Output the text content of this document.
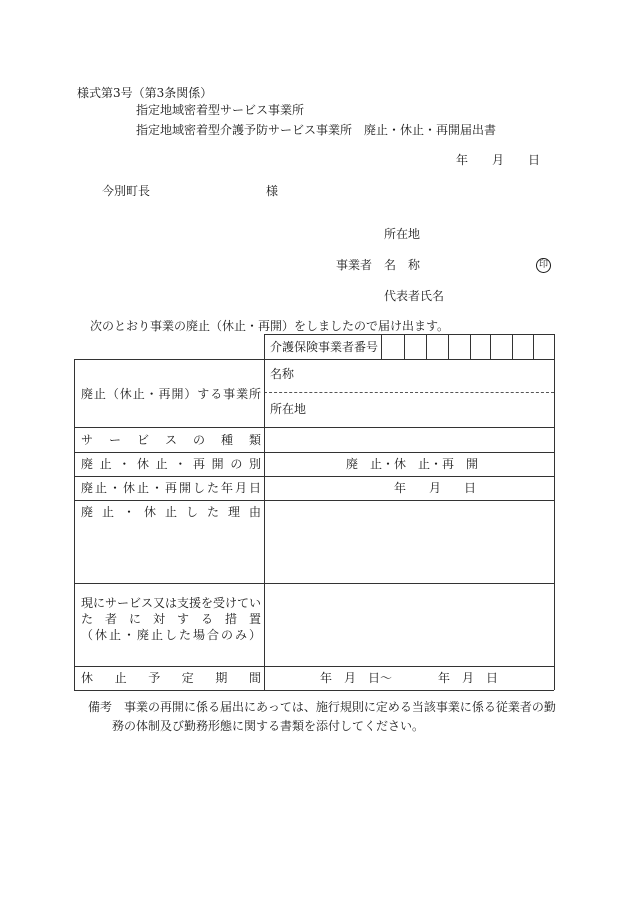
様式第3号（第3条関係）
指定地域密着型サービス事業所
指定地域密着型介護予防サービス事業所　廃止・休止・再開届出書
年 月 日
今別町長	様
所在地
事業者 名　称	印
代表者氏名
次のとおり事業の廃止（休止・再開）をしましたので届け出ます。
介護保険事業者番号
廃止（休止・再開）する事業所
名称
所在地
サービスの種類
廃止・休止・再開の別	廃　止・休　止・再　開
廃止・休止・再開した年月日	年 月 日
廃止・休止した理由
現にサービス又は支援を受けてい
た者に対する措置
（休止・廃止した場合のみ）
休止予定期間	年　月　日〜	年　月　日
備考 事業の再開に係る届出にあっては、施行規則に定める当該事業に係る従業者の勤
務の体制及び勤務形態に関する書類を添付してください。
